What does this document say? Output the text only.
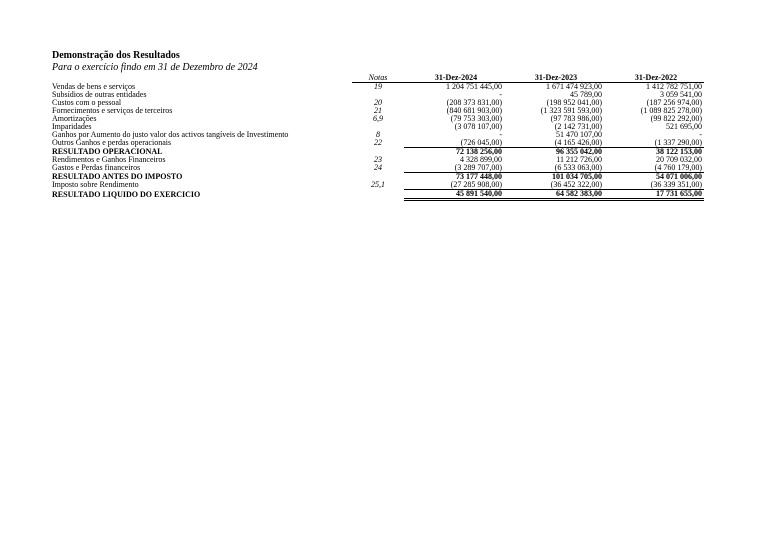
Demonstração dos Resultados
Para o exercício findo em 31 de Dezembro de 2024
	Notas	31-Dez-2024	31-Dez-2023	31-Dez-2022
Vendas de bens e serviços	19	1 204 751 445,00	1 671 474 923,00	1 412 782 751,00
Subsídios de outras entidades		-	45 789,00	3 059 541,00
Custos com o pessoal	20	(208 373 831,00)	(198 952 041,00)	(187 256 974,00)
Fornecimentos e serviços de terceiros	21	(840 681 903,00)	(1 323 591 593,00)	(1 089 825 278,00)
Amortizações	6,9	(79 753 303,00)	(97 783 986,00)	(99 822 292,00)
Imparidades		(3 078 107,00)	(2 142 731,00)	521 695,00
Ganhos por Aumento do justo valor dos activos tangíveis de Investimento	8	-	51 470 107,00	-
Outros Ganhos e perdas operacionais	22	(726 045,00)	(4 165 426,00)	(1 337 290,00)
RESULTADO OPERACIONAL		72 138 256,00	96 355 042,00	38 122 153,00
Rendimentos e Ganhos Financeiros	23	4 328 899,00	11 212 726,00	20 709 032,00
Gastos e Perdas financeiros	24	(3 289 707,00)	(6 533 063,00)	(4 760 179,00)
RESULTADO ANTES DO IMPOSTO		73 177 448,00	101 034 705,00	54 071 006,00
Imposto sobre Rendimento	25,1	(27 285 908,00)	(36 452 322,00)	(36 339 351,00)
RESULTADO LIQUIDO DO EXERCICIO		45 891 540,00	64 582 383,00	17 731 655,00
